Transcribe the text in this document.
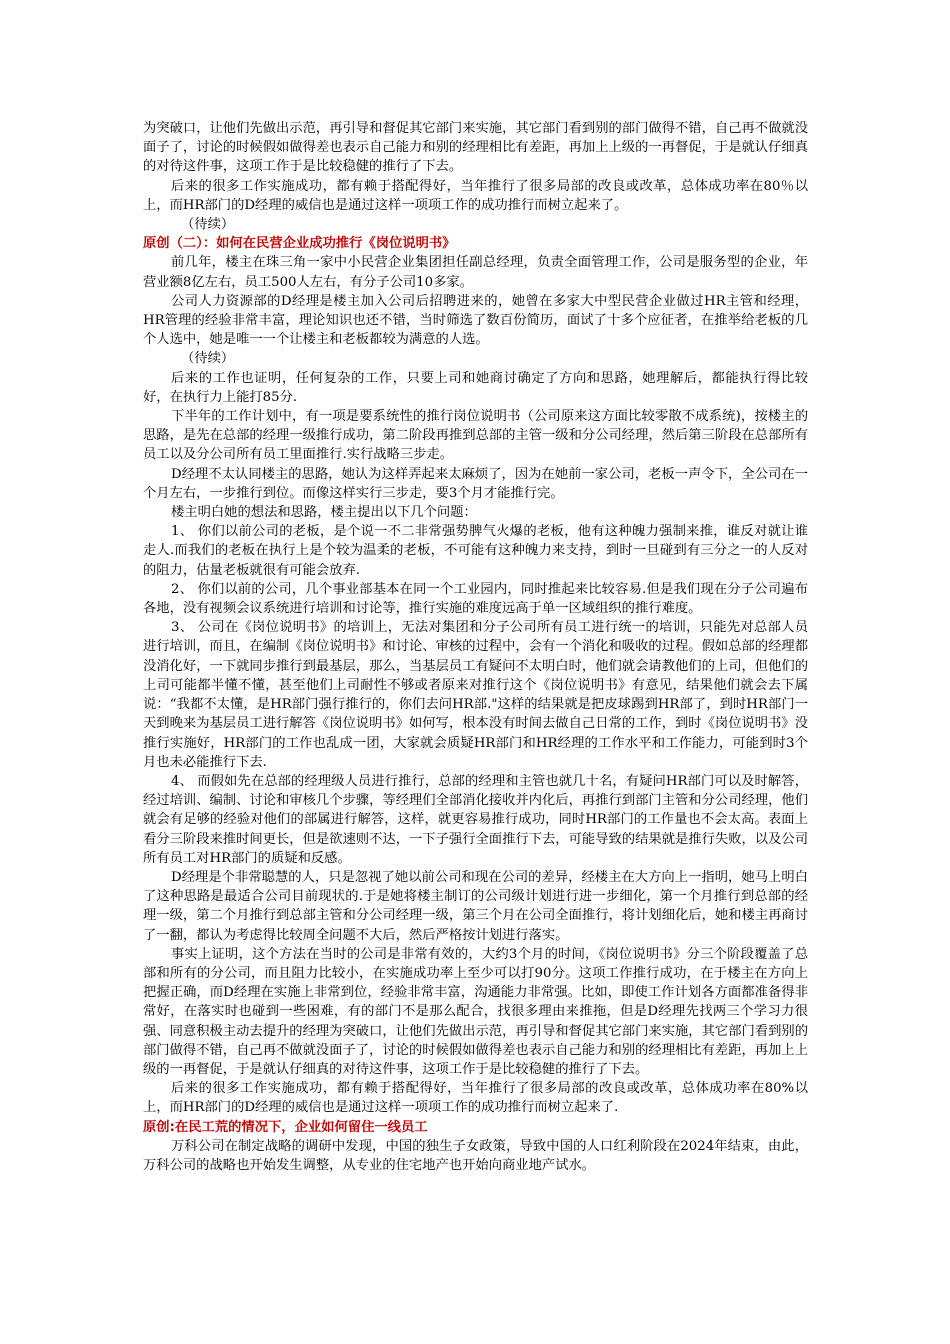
为突破口，让他们先做出示范，再引导和督促其它部门来实施，其它部门看到别的部门做得不错，自己再不做就没面子了，讨论的时候假如做得差也表示自己能力和别的经理相比有差距，再加上上级的一再督促，于是就认仔细真的对待这件事，这项工作于是比较稳健的推行了下去。

后来的很多工作实施成功，都有赖于搭配得好，当年推行了很多局部的改良或改革，总体成功率在80％以上，而HR部门的D经理的威信也是通过这样一项项工作的成功推行而树立起来了。

（待续）

原创（二）：如何在民营企业成功推行《岗位说明书》

前几年，楼主在珠三角一家中小民营企业集团担任副总经理，负责全面管理工作，公司是服务型的企业，年营业额8亿左右，员工500人左右，有分子公司10多家。

公司人力资源部的D经理是楼主加入公司后招聘进来的，她曾在多家大中型民营企业做过HR主管和经理，HR管理的经验非常丰富，理论知识也还不错，当时筛选了数百份简历，面试了十多个应征者，在推举给老板的几个人选中，她是唯一一个让楼主和老板都较为满意的人选。

（待续）

后来的工作也证明，任何复杂的工作，只要上司和她商讨确定了方向和思路，她理解后，都能执行得比较好，在执行力上能打85分.

下半年的工作计划中，有一项是要系统性的推行岗位说明书（公司原来这方面比较零散不成系统)，按楼主的思路，是先在总部的经理一级推行成功，第二阶段再推到总部的主管一级和分公司经理，然后第三阶段在总部所有员工以及分公司所有员工里面推行.实行战略三步走。

D经理不太认同楼主的思路，她认为这样弄起来太麻烦了，因为在她前一家公司，老板一声令下，全公司在一个月左右，一步推行到位。而像这样实行三步走，要3个月才能推行完。

楼主明白她的想法和思路，楼主提出以下几个问题：

1、 你们以前公司的老板，是个说一不二非常强势脾气火爆的老板，他有这种魄力强制来推，谁反对就让谁走人.而我们的老板在执行上是个较为温柔的老板，不可能有这种魄力来支持，到时一旦碰到有三分之一的人反对的阻力，估量老板就很有可能会放弃.

2、 你们以前的公司，几个事业部基本在同一个工业园内，同时推起来比较容易.但是我们现在分子公司遍布各地，没有视频会议系统进行培训和讨论等，推行实施的难度远高于单一区域组织的推行难度。

3、 公司在《岗位说明书》的培训上，无法对集团和分子公司所有员工进行统一的培训，只能先对总部人员进行培训，而且，在编制《岗位说明书》和讨论、审核的过程中，会有一个消化和吸收的过程。假如总部的经理都没消化好，一下就同步推行到最基层，那么，当基层员工有疑问不太明白时，他们就会请教他们的上司，但他们的上司可能都半懂不懂，甚至他们上司耐性不够或者原来对推行这个《岗位说明书》有意见，结果他们就会去下属说：“我都不太懂，是HR部门强行推行的，你们去问HR部."这样的结果就是把皮球踢到HR部了，到时HR部门一天到晚来为基层员工进行解答《岗位说明书》如何写，根本没有时间去做自己日常的工作，到时《岗位说明书》没推行实施好，HR部门的工作也乱成一团，大家就会质疑HR部门和HR经理的工作水平和工作能力，可能到时3个月也未必能推行下去.

4、 而假如先在总部的经理级人员进行推行，总部的经理和主管也就几十名，有疑问HR部门可以及时解答，经过培训、编制、讨论和审核几个步骤，等经理们全部消化接收并内化后，再推行到部门主管和分公司经理，他们就会有足够的经验对他们的部属进行解答，这样，就更容易推行成功，同时HR部门的工作量也不会太高。表面上看分三阶段来推时间更长，但是欲速则不达，一下子强行全面推行下去，可能导致的结果就是推行失败，以及公司所有员工对HR部门的质疑和反感。

D经理是个非常聪慧的人，只是忽视了她以前公司和现在公司的差异，经楼主在大方向上一指明，她马上明白了这种思路是最适合公司目前现状的.于是她将楼主制订的公司级计划进行进一步细化，第一个月推行到总部的经理一级，第二个月推行到总部主管和分公司经理一级，第三个月在公司全面推行，将计划细化后，她和楼主再商讨了一翻，都认为考虑得比较周全问题不大后，然后严格按计划进行落实。

事实上证明，这个方法在当时的公司是非常有效的，大约3个月的时间，《岗位说明书》分三个阶段覆盖了总部和所有的分公司，而且阻力比较小，在实施成功率上至少可以打90分。这项工作推行成功，在于楼主在方向上把握正确，而D经理在实施上非常到位，经验非常丰富，沟通能力非常强。比如，即使工作计划各方面都准备得非常好，在落实时也碰到一些困难，有的部门不是那么配合，找很多理由来推拖，但是D经理先找两三个学习力很强、同意积极主动去提升的经理为突破口，让他们先做出示范，再引导和督促其它部门来实施，其它部门看到别的部门做得不错，自己再不做就没面子了，讨论的时候假如做得差也表示自己能力和别的经理相比有差距，再加上上级的一再督促，于是就认仔细真的对待这件事，这项工作于是比较稳健的推行了下去。

后来的很多工作实施成功，都有赖于搭配得好，当年推行了很多局部的改良或改革，总体成功率在80%以上，而HR部门的D经理的威信也是通过这样一项项工作的成功推行而树立起来了.

原创:在民工荒的情况下，企业如何留住一线员工

万科公司在制定战略的调研中发现，中国的独生子女政策，导致中国的人口红利阶段在2024年结束，由此，万科公司的战略也开始发生调整，从专业的住宅地产也开始向商业地产试水。
